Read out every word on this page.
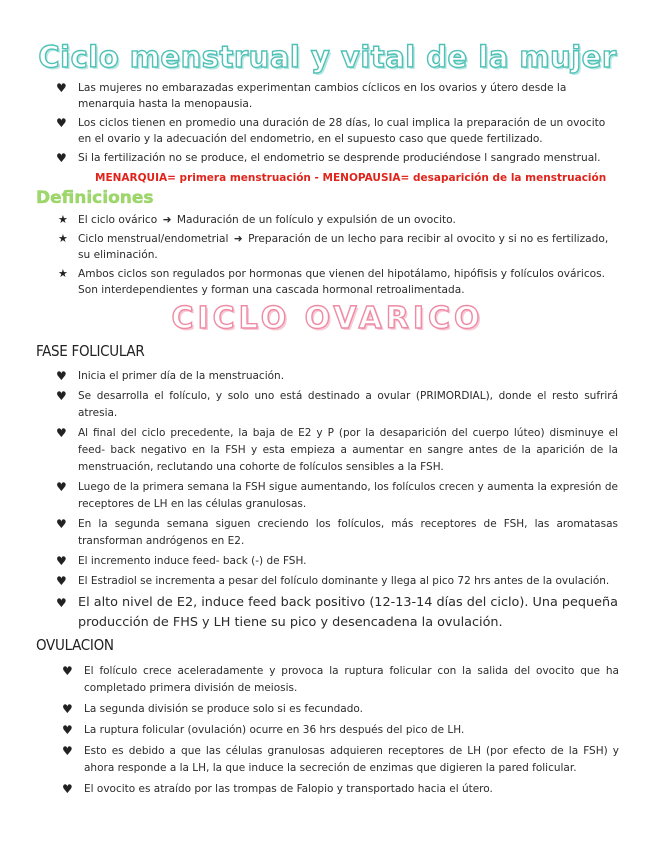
Ciclo menstrual y vital de la mujer
♥ Las mujeres no embarazadas experimentan cambios cíclicos en los ovarios y útero desde la menarquia hasta la menopausia.
♥ Los ciclos tienen en promedio una duración de 28 días, lo cual implica la preparación de un ovocito en el ovario y la adecuación del endometrio, en el supuesto caso que quede fertilizado.
♥ Si la fertilización no se produce, el endometrio se desprende produciéndose l sangrado menstrual.
MENARQUIA= primera menstruación - MENOPAUSIA= desaparición de la menstruación
Definiciones
★ El ciclo ovárico ➜ Maduración de un folículo y expulsión de un ovocito.
★ Ciclo menstrual/endometrial ➜ Preparación de un lecho para recibir al ovocito y si no es fertilizado, su eliminación.
★ Ambos ciclos son regulados por hormonas que vienen del hipotálamo, hipófisis y folículos ováricos. Son interdependientes y forman una cascada hormonal retroalimentada.
CICLO OVARICO
FASE FOLICULAR
♥ Inicia el primer día de la menstruación.
♥ Se desarrolla el folículo, y solo uno está destinado a ovular (PRIMORDIAL), donde el resto sufrirá atresia.
♥ Al final del ciclo precedente, la baja de E2 y P (por la desaparición del cuerpo lúteo) disminuye el feed- back negativo en la FSH y esta empieza a aumentar en sangre antes de la aparición de la menstruación, reclutando una cohorte de folículos sensibles a la FSH.
♥ Luego de la primera semana la FSH sigue aumentando, los folículos crecen y aumenta la expresión de receptores de LH en las células granulosas.
♥ En la segunda semana siguen creciendo los folículos, más receptores de FSH, las aromatasas transforman andrógenos en E2.
♥ El incremento induce feed- back (-) de FSH.
♥ El Estradiol se incrementa a pesar del folículo dominante y llega al pico 72 hrs antes de la ovulación.
♥ El alto nivel de E2, induce feed back positivo (12-13-14 días del ciclo). Una pequeña producción de FHS y LH tiene su pico y desencadena la ovulación.
OVULACION
♥ El folículo crece aceleradamente y provoca la ruptura folicular con la salida del ovocito que ha completado primera división de meiosis.
♥ La segunda división se produce solo si es fecundado.
♥ La ruptura folicular (ovulación) ocurre en 36 hrs después del pico de LH.
♥ Esto es debido a que las células granulosas adquieren receptores de LH (por efecto de la FSH) y ahora responde a la LH, la que induce la secreción de enzimas que digieren la pared folicular.
♥ El ovocito es atraído por las trompas de Falopio y transportado hacia el útero.
